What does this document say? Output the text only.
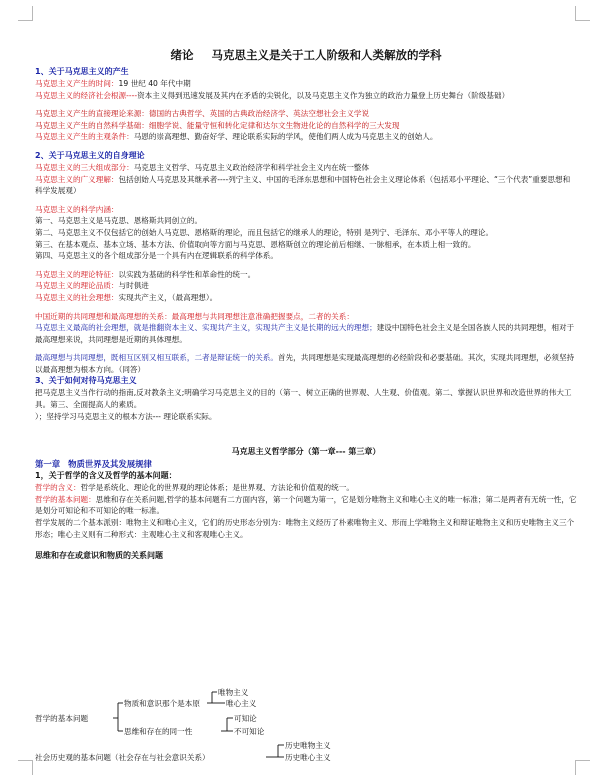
绪论 马克思主义是关于工人阶级和人类解放的学科
1、关于马克思主义的产生

马克思主义产生的时间：19 世纪 40 年代中期

马克思主义的经济社会根源----资本主义得到迅速发展及其内在矛盾的尖锐化，以及马克思主义作为独立的政治力量登上历史舞台（阶级基础）

马克思主义产生的直接理论来源：德国的古典哲学、英国的古典政治经济学、英法空想社会主义学说

马克思主义产生的自然科学基础：细胞学说、能量守恒和转化定律和达尔文生物进化论的自然科学的三大发现

马克思主义产生的主观条件：马恩的崇高理想、勤奋好学、理论联系实际的学风，使他们两人成为马克思主义的创始人。

2、关于马克思主义的自身理论

马克思主义的三大组成部分：马克思主义哲学、马克思主义政治经济学和科学社会主义内在统一整体

马克思主义的广义理解：包括创始人马克思及其继承者----列宁主义、中国的毛泽东思想和中国特色社会主义理论体系（包括邓小平理论、“三个代表”重要思想和科学发展观）

马克思主义的科学内涵：

第一、马克思主义是马克思、恩格斯共同创立的。

第二、马克思主义不仅包括它的创始人马克思、恩格斯的理论，而且包括它的继承人的理论，特别 是列宁、毛泽东、邓小平等人的理论。

第三、在基本观点、基本立场、基本方法、价值取向等方面与马克思、恩格斯创立的理论前后相继、一脉相承，在本质上相一致的。

第四、马克思主义的各个组成部分是一个具有内在逻辑联系的科学体系。

马克思主义的理论特征：以实践为基础的科学性和革命性的统一。

马克思主义的理论品质：与时俱进

马克思主义的社会理想：实现共产主义，（最高理想）。

中国近期的共同理想和最高理想的关系：最高理想与共同理想注意准确把握要点，二者的关系：

马克思主义最高的社会理想，就是推翻资本主义、实现共产主义，实现共产主义是长期的远大的理想；建设中国特色社会主义是全国各族人民的共同理想，相对于最高理想来说，共同理想是近期的具体理想。

最高理想与共同理想，既相互区别又相互联系，二者是辩证统一的关系。首先，共同理想是实现最高理想的必经阶段和必要基础。其次，实现共同理想，必须坚持以最高理想为根本方向。（同答）

3、关于如何对待马克思主义

把马克思主义当作行动的指南,反对教条主义;明确学习马克思主义的目的（第一、树立正确的世界观、人生观、价值观。第二、掌握认识世界和改造世界的伟大工具。第三、全面提高人的素质。

）；坚持学习马克思主义的根本方法--- 理论联系实际。

马克思主义哲学部分（第一章--- 第三章）
第一章 物质世界及其发展规律
1，关于哲学的含义及哲学的基本问题：

哲学的含义：哲学是系统化、理论化的世界观的理论体系；是世界观、方法论和价值观的统一。

哲学的基本问题：思维和存在关系问题,哲学的基本问题有二方面内容，第一个问题为第一，它是划分唯物主义和唯心主义的唯一标准；第二是两者有无统一性，它是划分可知论和不可知论的唯一标准。

哲学发展的二个基本派别：唯物主义和唯心主义，它们的历史形态分别为：唯物主义经历了朴素唯物主义、形而上学唯物主义和辩证唯物主义和历史唯物主义三个形态；唯心主义则有二种形式：主观唯心主义和客观唯心主义。

思维和存在或意识和物质的关系问题
哲学的基本问题
物质和意识那个是本原
唯物主义
唯心主义
思维和存在的同一性
可知论
不可知论
社会历史观的基本问题（社会存在与社会意识关系）
历史唯物主义
历史唯心主义
